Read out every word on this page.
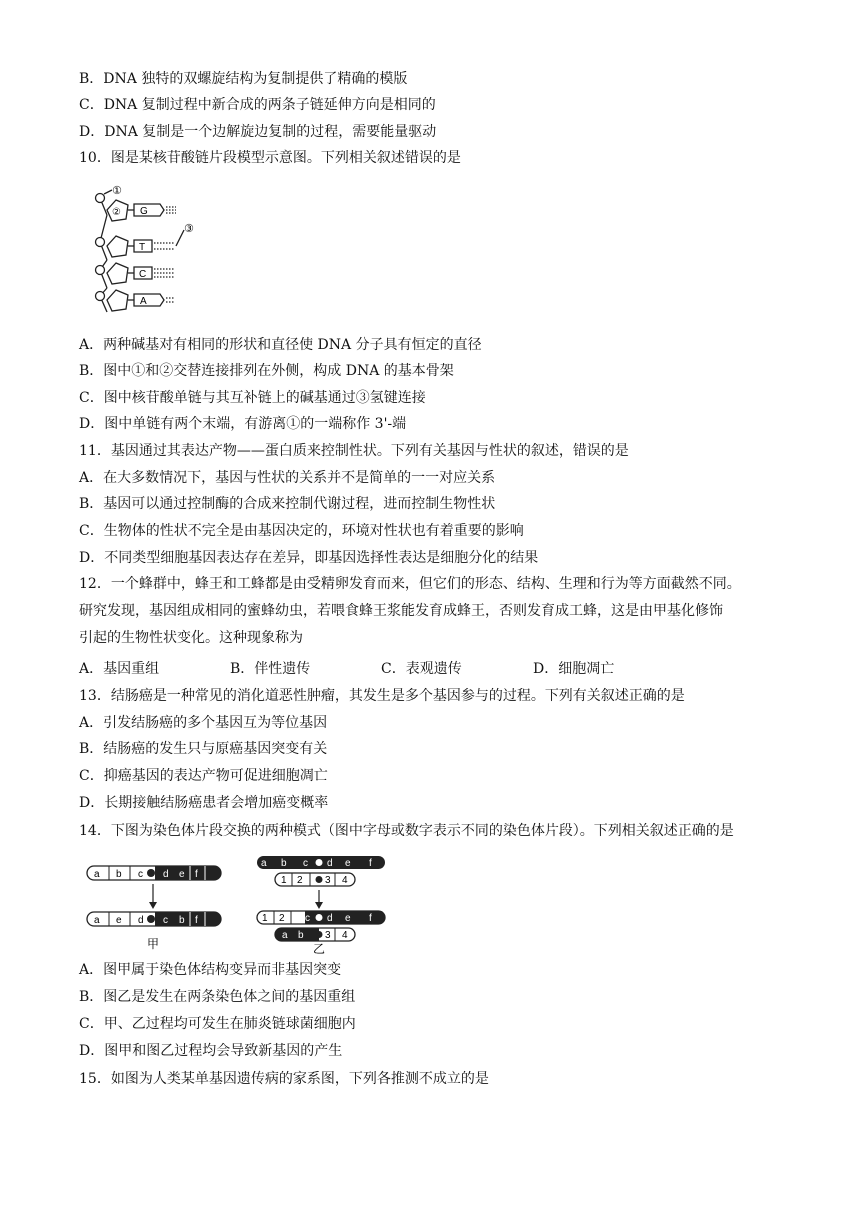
B．DNA 独特的双螺旋结构为复制提供了精确的模版
C．DNA 复制过程中新合成的两条子链延伸方向是相同的
D．DNA 复制是一个边解旋边复制的过程，需要能量驱动
10．图是某核苷酸链片段模型示意图。下列相关叙述错误的是
①
②
③
G
T
C
A
A．两种碱基对有相同的形状和直径使 DNA 分子具有恒定的直径
B．图中①和②交替连接排列在外侧，构成 DNA 的基本骨架
C．图中核苷酸单链与其互补链上的碱基通过③氢键连接
D．图中单链有两个末端，有游离①的一端称作 3'-端
11．基因通过其表达产物——蛋白质来控制性状。下列有关基因与性状的叙述，错误的是
A．在大多数情况下，基因与性状的关系并不是简单的一一对应关系
B．基因可以通过控制酶的合成来控制代谢过程，进而控制生物性状
C．生物体的性状不完全是由基因决定的，环境对性状也有着重要的影响
D．不同类型细胞基因表达存在差异，即基因选择性表达是细胞分化的结果
12．一个蜂群中，蜂王和工蜂都是由受精卵发育而来，但它们的形态、结构、生理和行为等方面截然不同。
研究发现，基因组成相同的蜜蜂幼虫，若喂食蜂王浆能发育成蜂王，否则发育成工蜂，这是由甲基化修饰
引起的生物性状变化。这种现象称为
A．基因重组	B．伴性遗传	C．表观遗传	D．细胞凋亡
13．结肠癌是一种常见的消化道恶性肿瘤，其发生是多个基因参与的过程。下列有关叙述正确的是
A．引发结肠癌的多个基因互为等位基因
B．结肠癌的发生只与原癌基因突变有关
C．抑癌基因的表达产物可促进细胞凋亡
D．长期接触结肠癌患者会增加癌变概率
14．下图为染色体片段交换的两种模式（图中字母或数字表示不同的染色体片段）。下列相关叙述正确的是
a b c d e f
a e d c b f
甲
a b c d e f
1 2 3 4
1 2 c d e f
a b 3 4
乙
A．图甲属于染色体结构变异而非基因突变
B．图乙是发生在两条染色体之间的基因重组
C．甲、乙过程均可发生在肺炎链球菌细胞内
D．图甲和图乙过程均会导致新基因的产生
15．如图为人类某单基因遗传病的家系图，下列各推测不成立的是
